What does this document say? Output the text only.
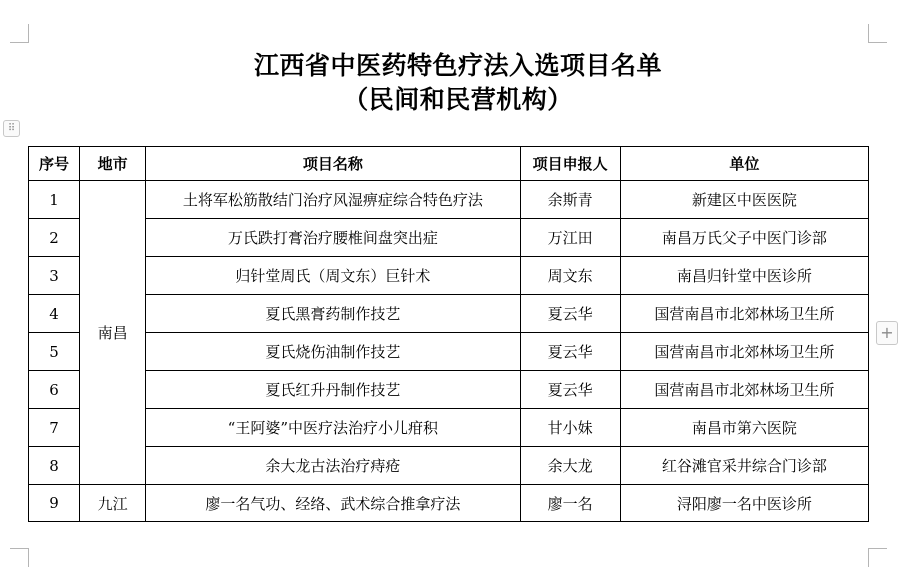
江西省中医药特色疗法入选项目名单
（民间和民营机构）
⠿
+
序号	地市	项目名称	项目申报人	单位
1	南昌	土将军松筋散结门治疗风湿痹症综合特色疗法	余斯青	新建区中医医院
2		万氏跌打膏治疗腰椎间盘突出症	万江田	南昌万氏父子中医门诊部
3		归针堂周氏（周文东）巨针术	周文东	南昌归针堂中医诊所
4		夏氏黑膏药制作技艺	夏云华	国营南昌市北郊林场卫生所
5		夏氏烧伤油制作技艺	夏云华	国营南昌市北郊林场卫生所
6		夏氏红升丹制作技艺	夏云华	国营南昌市北郊林场卫生所
7		“王阿婆”中医疗法治疗小儿疳积	甘小妹	南昌市第六医院
8		余大龙古法治疗痔疮	余大龙	红谷滩官采井综合门诊部
9	九江	廖一名气功、经络、武术综合推拿疗法	廖一名	浔阳廖一名中医诊所
